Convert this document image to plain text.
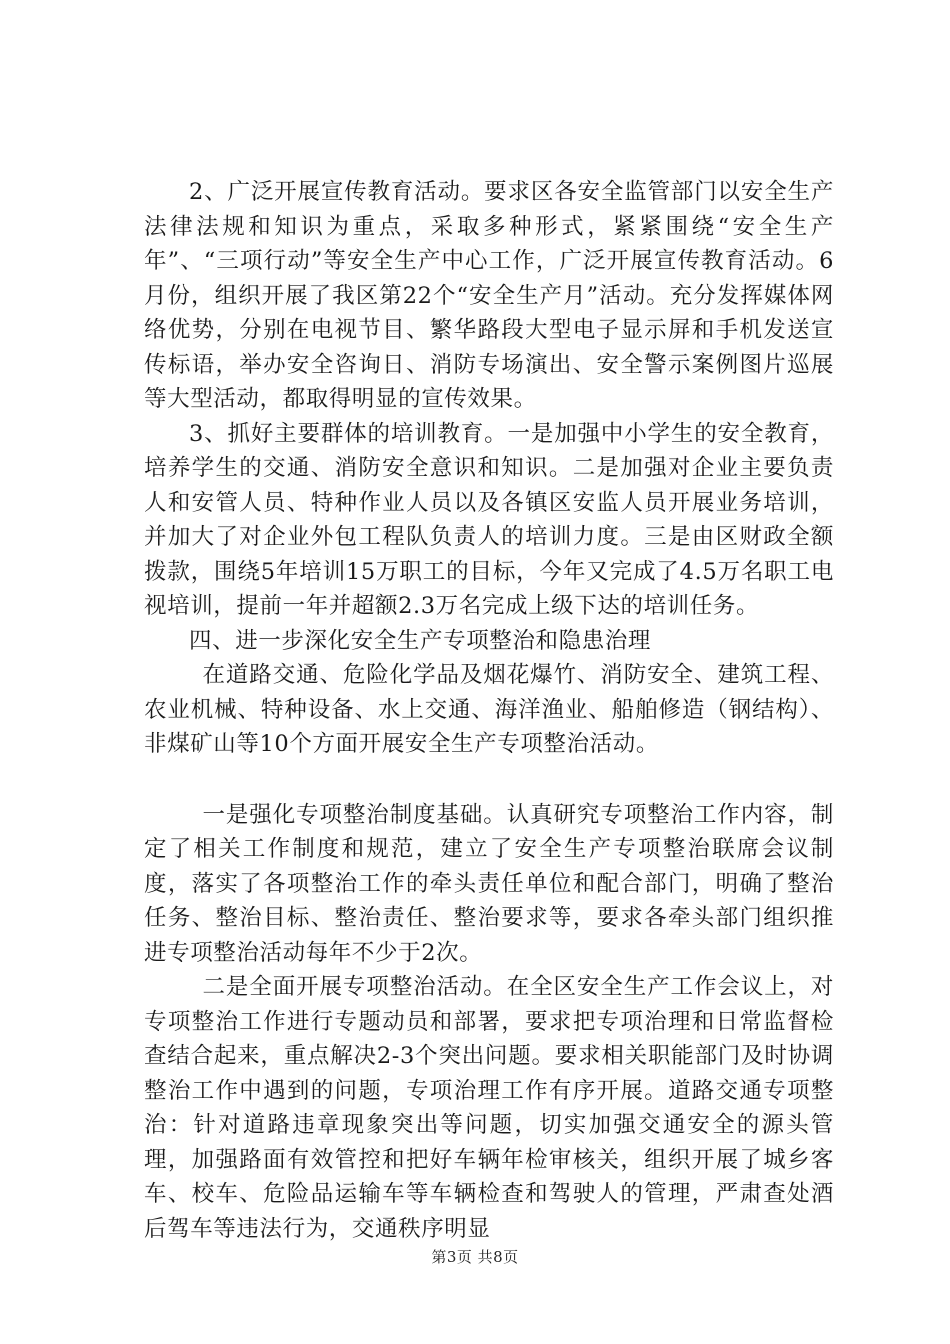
2、广泛开展宣传教育活动。要求区各安全监管部门以安全生产法律法规和知识为重点，采取多种形式，紧紧围绕“安全生产年”、“三项行动”等安全生产中心工作，广泛开展宣传教育活动。6月份，组织开展了我区第22个“安全生产月”活动。充分发挥媒体网络优势，分别在电视节目、繁华路段大型电子显示屏和手机发送宣传标语，举办安全咨询日、消防专场演出、安全警示案例图片巡展等大型活动，都取得明显的宣传效果。

3、抓好主要群体的培训教育。一是加强中小学生的安全教育，培养学生的交通、消防安全意识和知识。二是加强对企业主要负责人和安管人员、特种作业人员以及各镇区安监人员开展业务培训，并加大了对企业外包工程队负责人的培训力度。三是由区财政全额拨款，围绕5年培训15万职工的目标，今年又完成了4.5万名职工电视培训，提前一年并超额2.3万名完成上级下达的培训任务。

四、进一步深化安全生产专项整治和隐患治理

在道路交通、危险化学品及烟花爆竹、消防安全、建筑工程、农业机械、特种设备、水上交通、海洋渔业、船舶修造（钢结构）、非煤矿山等10个方面开展安全生产专项整治活动。

一是强化专项整治制度基础。认真研究专项整治工作内容，制定了相关工作制度和规范，建立了安全生产专项整治联席会议制度，落实了各项整治工作的牵头责任单位和配合部门，明确了整治任务、整治目标、整治责任、整治要求等，要求各牵头部门组织推进专项整治活动每年不少于2次。

二是全面开展专项整治活动。在全区安全生产工作会议上，对专项整治工作进行专题动员和部署，要求把专项治理和日常监督检查结合起来，重点解决2-3个突出问题。要求相关职能部门及时协调整治工作中遇到的问题，专项治理工作有序开展。道路交通专项整治：针对道路违章现象突出等问题，切实加强交通安全的源头管理，加强路面有效管控和把好车辆年检审核关，组织开展了城乡客车、校车、危险品运输车等车辆检查和驾驶人的管理，严肃查处酒后驾车等违法行为，交通秩序明显

第3页 共8页
